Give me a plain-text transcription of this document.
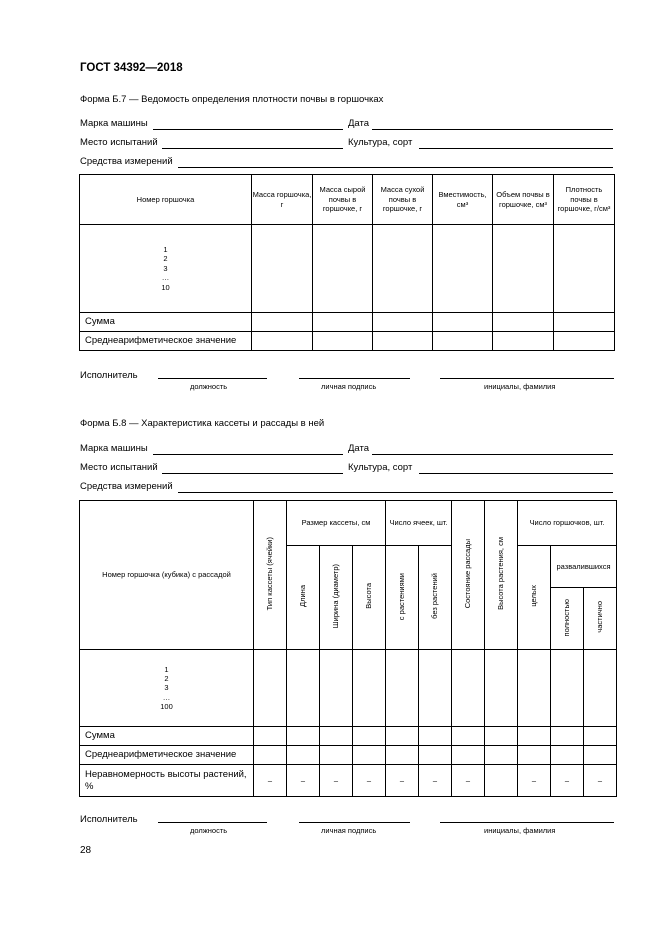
ГОСТ 34392—2018
Форма Б.7 — Ведомость определения плотности почвы в горшочках
Марка машины	Дата
Место испытаний	Культура, сорт
Средства измерений
Номер горшочка	Масса горшочка, г	Масса сырой почвы в горшочке, г	Масса сухой почвы в горшочке, г	Вместимость, см³	Объем почвы в горшочке, см³	Плотность почвы в горшочке, г/см³

1
2
3
…
10						

Сумма						
Среднеарифметическое значение						
Исполнитель
должность	личная подпись	инициалы, фамилия
Форма Б.8 — Характеристика кассеты и рассады в ней
Марка машины	Дата
Место испытаний	Культура, сорт
Средства измерений
Номер горшочка (кубика) с рассадой	Тип кассеты (ячейки)	Размер кассеты, см			Число ячеек, шт.		Состояние рассады	Высота растения, см	Число горшочков, шт.		
		Длина	Ширина (диаметр)	Высота	с растениями	без растений			целых	развалившихся	
										полностью	частично

1
2
3
…
100											

Сумма											
Среднеарифметическое значение											
Неравномерность высоты растений, %	–	–	–	–	–	–	–		–	–	–
Исполнитель
должность	личная подпись	инициалы, фамилия
28
